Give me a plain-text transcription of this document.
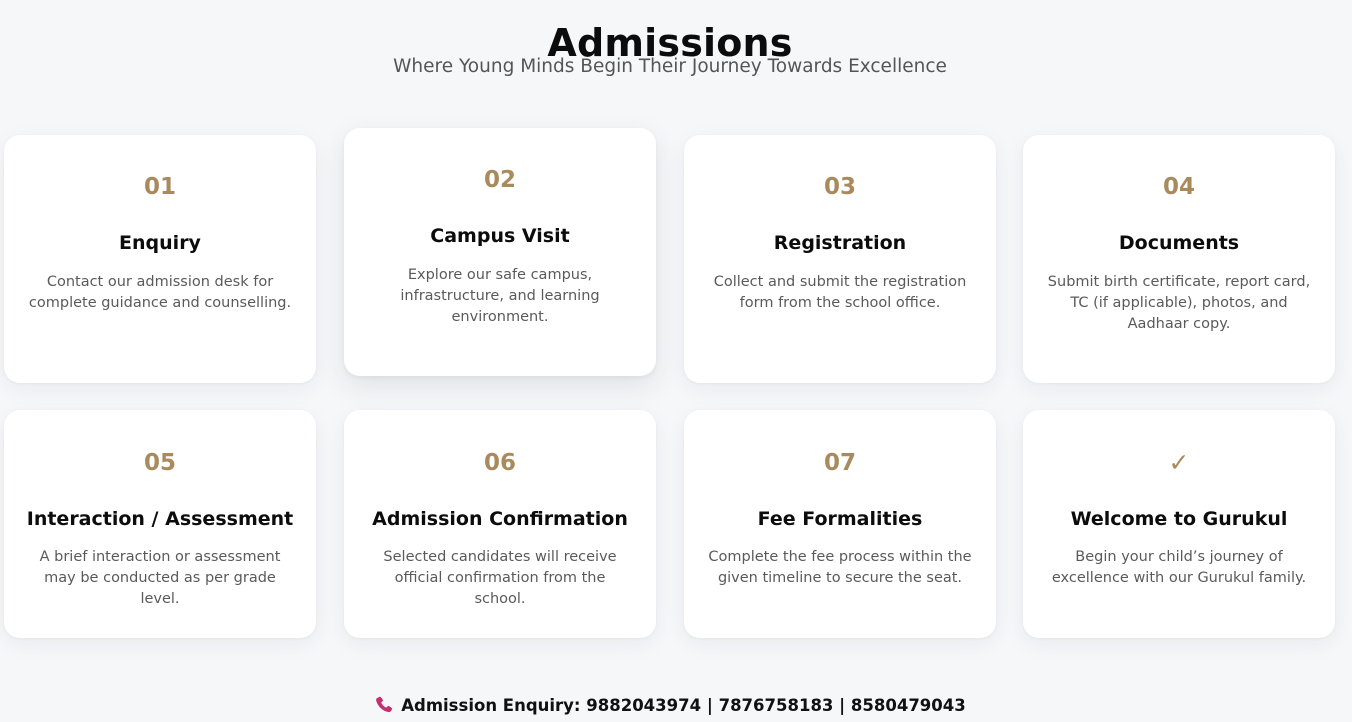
Admissions
Where Young Minds Begin Their Journey Towards Excellence
01
Enquiry
Contact our admission desk for complete guidance and counselling.
02
Campus Visit
Explore our safe campus, infrastructure, and learning environment.
03
Registration
Collect and submit the registration form from the school office.
04
Documents
Submit birth certificate, report card, TC (if applicable), photos, and Aadhaar copy.
05
Interaction / Assessment
A brief interaction or assessment may be conducted as per grade level.
06
Admission Confirmation
Selected candidates will receive official confirmation from the school.
07
Fee Formalities
Complete the fee process within the given timeline to secure the seat.
✓
Welcome to Gurukul
Begin your child’s journey of excellence with our Gurukul family.
Admission Enquiry: 9882043974 | 7876758183 | 8580479043
